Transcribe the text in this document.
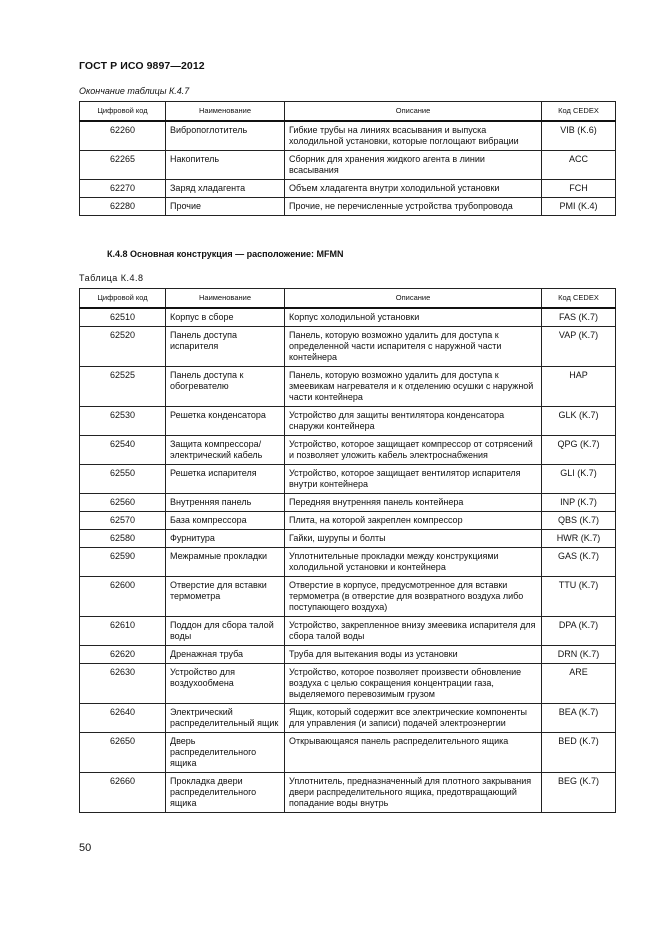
ГОСТ Р ИСО 9897—2012
Окончание таблицы К.4.7
Цифровой код	Наименование	Описание	Код CEDEX
62260	Вибропоглотитель	Гибкие трубы на линиях всасывания и выпуска холодильной установки, которые поглощают вибрации	VIB (K.6)
62265	Накопитель	Сборник для хранения жидкого агента в линии всасывания	ACC
62270	Заряд хладагента	Объем хладагента внутри холодильной установки	FCH
62280	Прочие	Прочие, не перечисленные устройства трубопровода	PMI (K.4)
К.4.8 Основная конструкция — расположение: MFMN
Таблица К.4.8
Цифровой код	Наименование	Описание	Код CEDEX
62510	Корпус в сборе	Корпус холодильной установки	FAS (K.7)
62520	Панель доступа испарителя	Панель, которую возможно удалить для доступа к определенной части испарителя с наружной части контейнера	VAP (K.7)
62525	Панель доступа к обогревателю	Панель, которую возможно удалить для доступа к змеевикам нагревателя и к отделению осушки с наружной части контейнера	HAP
62530	Решетка конденсатора	Устройство для защиты вентилятора конденсатора снаружи контейнера	GLK (K.7)
62540	Защита компрессора/электрический кабель	Устройство, которое защищает компрессор от сотрясений и позволяет уложить кабель электроснабжения	QPG (K.7)
62550	Решетка испарителя	Устройство, которое защищает вентилятор испарителя внутри контейнера	GLI (K.7)
62560	Внутренняя панель	Передняя внутренняя панель контейнера	INP (K.7)
62570	База компрессора	Плита, на которой закреплен компрессор	QBS (K.7)
62580	Фурнитура	Гайки, шурупы и болты	HWR (K.7)
62590	Межрамные прокладки	Уплотнительные прокладки между конструкциями холодильной установки и контейнера	GAS (K.7)
62600	Отверстие для вставки термометра	Отверстие в корпусе, предусмотренное для вставки термометра (в отверстие для возвратного воздуха либо поступающего воздуха)	TTU (K.7)
62610	Поддон для сбора талой воды	Устройство, закрепленное внизу змеевика испарителя для сбора талой воды	DPA (K.7)
62620	Дренажная труба	Труба для вытекания воды из установки	DRN (K.7)
62630	Устройство для воздухообмена	Устройство, которое позволяет произвести обновление воздуха с целью сокращения концентрации газа, выделяемого перевозимым грузом	ARE
62640	Электрический распределительный ящик	Ящик, который содержит все электрические компоненты для управления (и записи) подачей электроэнергии	BEA (K.7)
62650	Дверь распределительного ящика	Открывающаяся панель распределительного ящика	BED (K.7)
62660	Прокладка двери распределительного ящика	Уплотнитель, предназначенный для плотного закрывания двери распределительного ящика, предотвращающий попадание воды внутрь	BEG (K.7)
50
